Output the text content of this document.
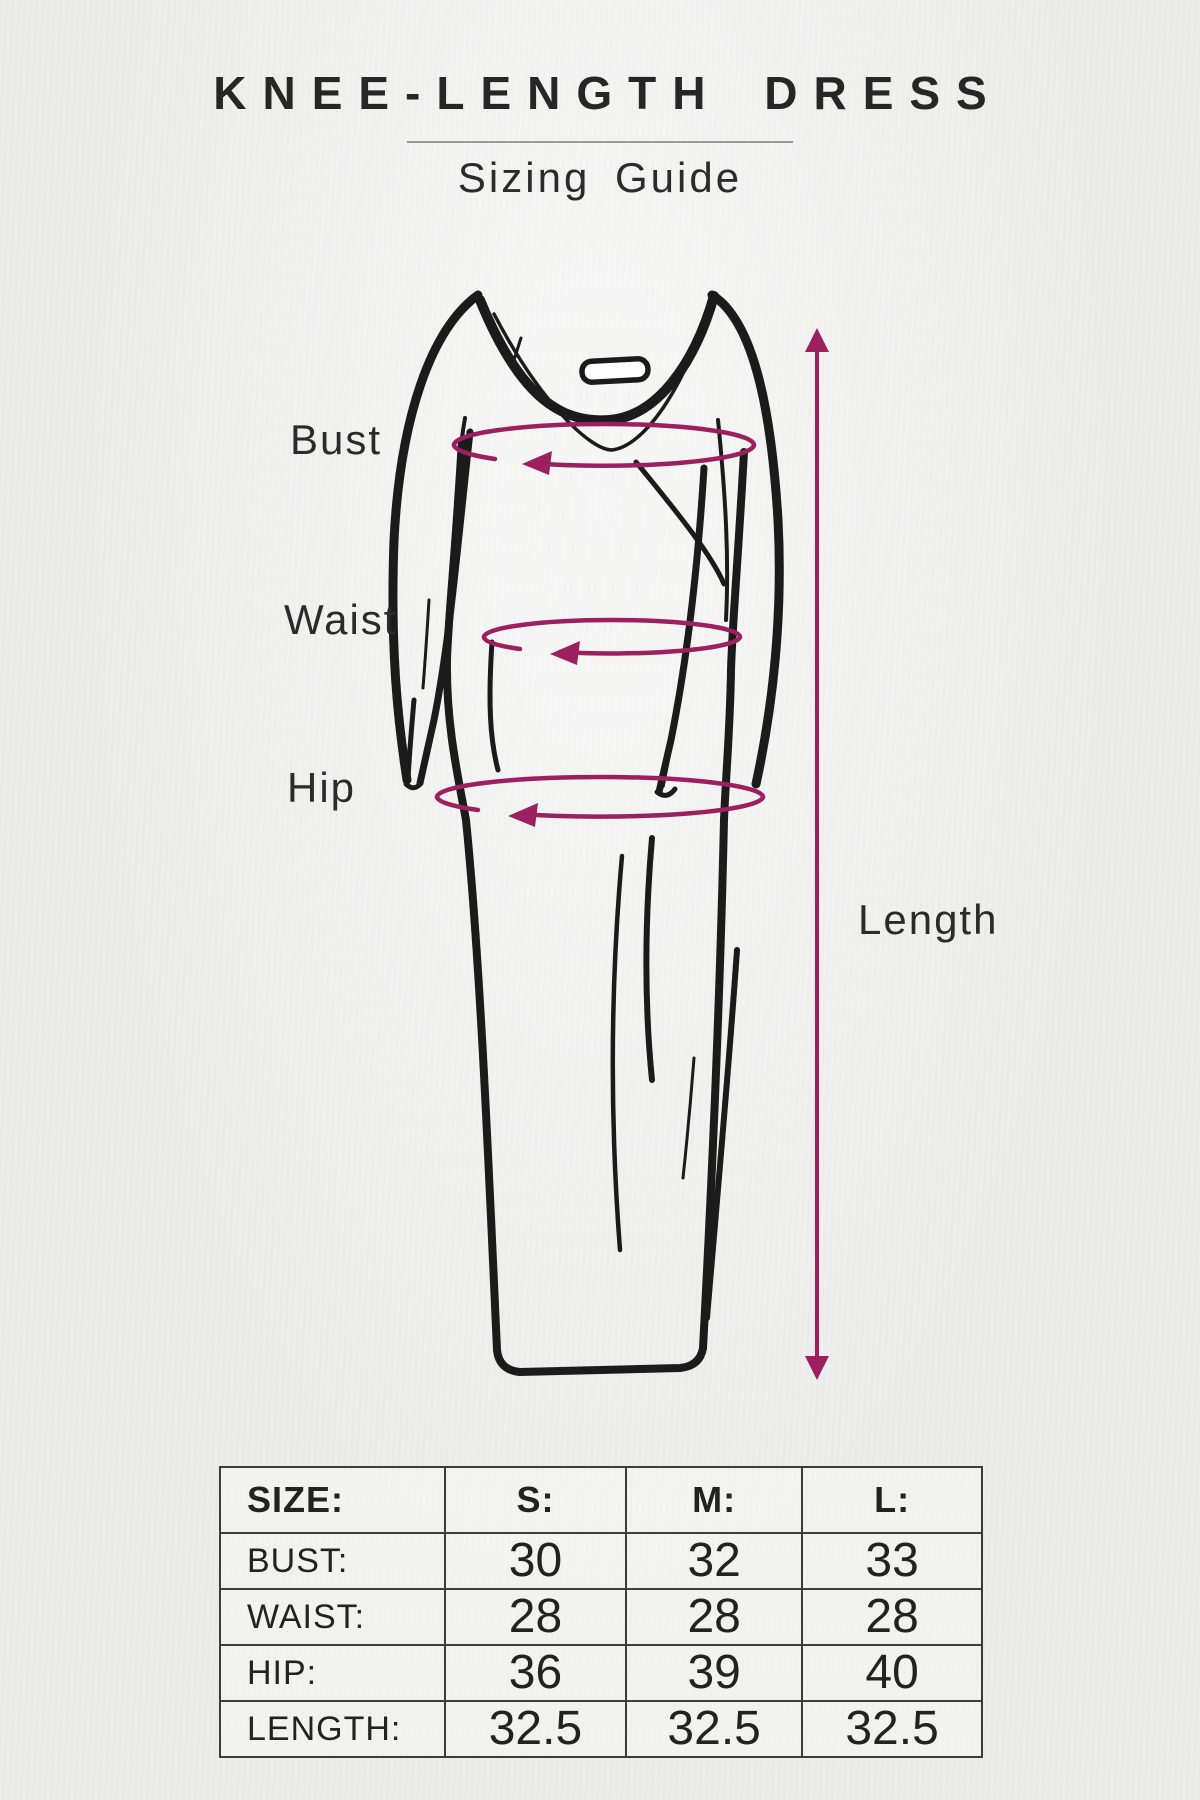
KNEE-LENGTH DRESS
Sizing Guide
Bust
Waist
Hip
Length
SIZE:	S:	M:	L:
BUST:	30	32	33
WAIST:	28	28	28
HIP:	36	39	40
LENGTH:	32.5	32.5	32.5
